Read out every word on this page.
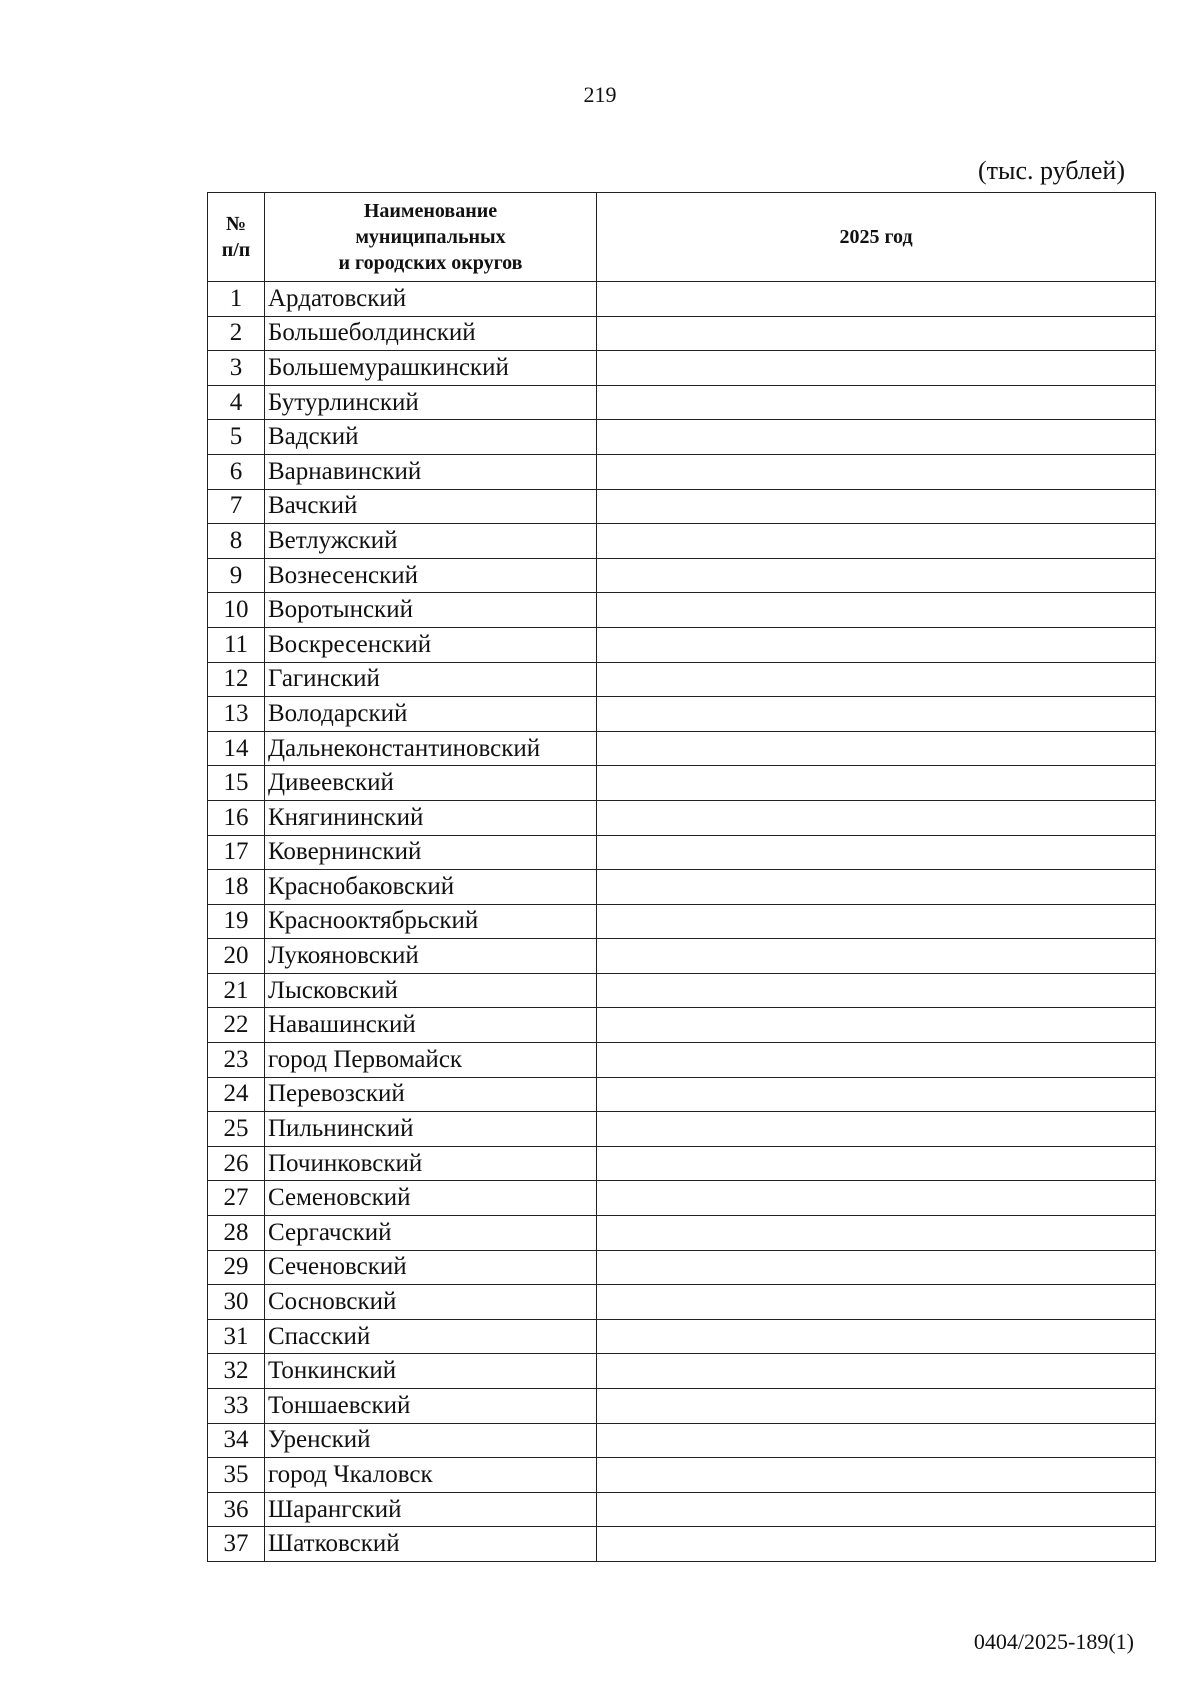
219
(тыс. рублей)
№
п/п	Наименование
муниципальных
и городских округов	2025 год
1	Ардатовский	
2	Большеболдинский	
3	Большемурашкинский	
4	Бутурлинский	
5	Вадский	
6	Варнавинский	
7	Вачский	
8	Ветлужский	
9	Вознесенский	
10	Воротынский	
11	Воскресенский	
12	Гагинский	
13	Володарский	
14	Дальнеконстантиновский	
15	Дивеевский	
16	Княгининский	
17	Ковернинский	
18	Краснобаковский	
19	Краснооктябрьский	
20	Лукояновский	
21	Лысковский	
22	Навашинский	
23	город Первомайск	
24	Перевозский	
25	Пильнинский	
26	Починковский	
27	Семеновский	
28	Сергачский	
29	Сеченовский	
30	Сосновский	
31	Спасский	
32	Тонкинский	
33	Тоншаевский	
34	Уренский	
35	город Чкаловск	
36	Шарангский	
37	Шатковский	
0404/2025-189(1)
